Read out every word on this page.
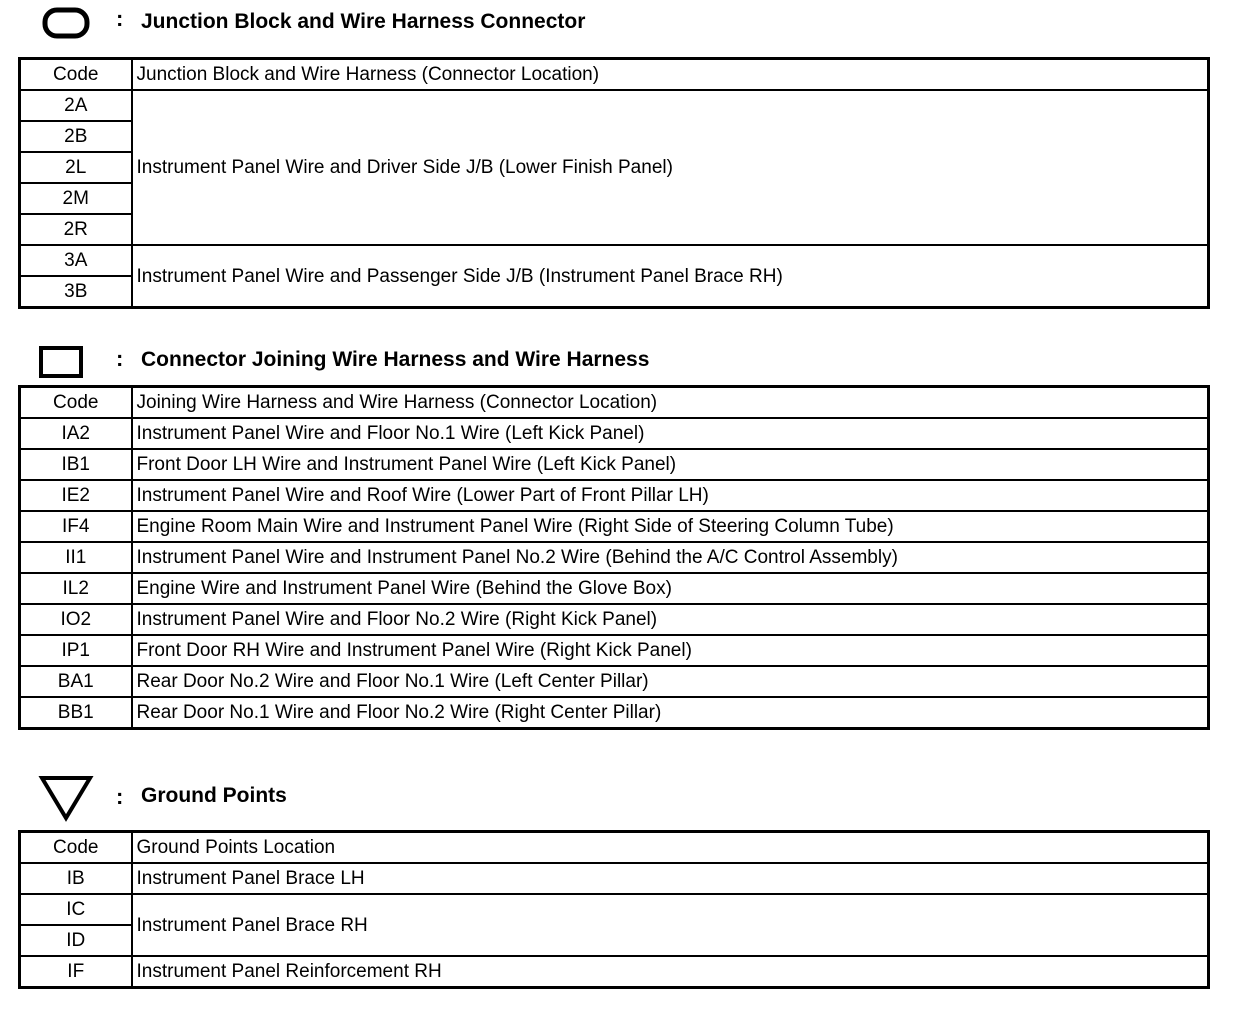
: Junction Block and Wire Harness Connector
Code	Junction Block and Wire Harness (Connector Location)
2A	Instrument Panel Wire and Driver Side J/B (Lower Finish Panel)
2B	
2L	
2M	
2R	
3A	Instrument Panel Wire and Passenger Side J/B (Instrument Panel Brace RH)
3B	
: Connector Joining Wire Harness and Wire Harness
Code	Joining Wire Harness and Wire Harness (Connector Location)
IA2	Instrument Panel Wire and Floor No.1 Wire (Left Kick Panel)
IB1	Front Door LH Wire and Instrument Panel Wire (Left Kick Panel)
IE2	Instrument Panel Wire and Roof Wire (Lower Part of Front Pillar LH)
IF4	Engine Room Main Wire and Instrument Panel Wire (Right Side of Steering Column Tube)
II1	Instrument Panel Wire and Instrument Panel No.2 Wire (Behind the A/C Control Assembly)
IL2	Engine Wire and Instrument Panel Wire (Behind the Glove Box)
IO2	Instrument Panel Wire and Floor No.2 Wire (Right Kick Panel)
IP1	Front Door RH Wire and Instrument Panel Wire (Right Kick Panel)
BA1	Rear Door No.2 Wire and Floor No.1 Wire (Left Center Pillar)
BB1	Rear Door No.1 Wire and Floor No.2 Wire (Right Center Pillar)
: Ground Points
Code	Ground Points Location
IB	Instrument Panel Brace LH
IC	Instrument Panel Brace RH
ID	
IF	Instrument Panel Reinforcement RH
